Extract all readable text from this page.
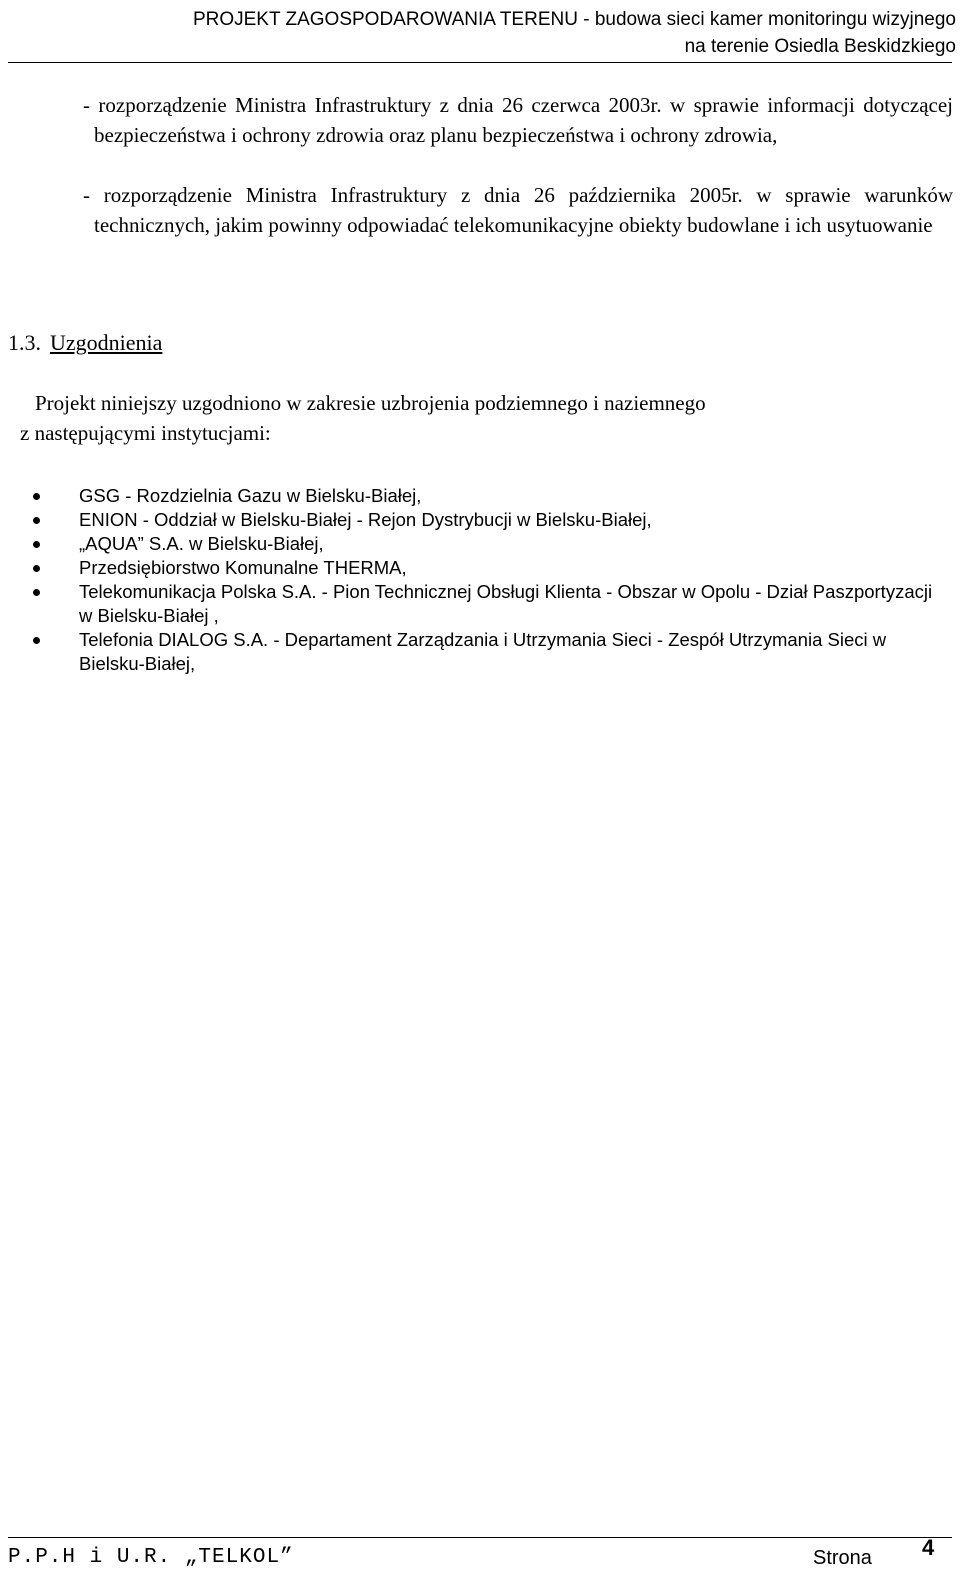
PROJEKT ZAGOSPODAROWANIA TERENU - budowa sieci kamer monitoringu wizyjnego
na terenie Osiedla Beskidzkiego
- rozporządzenie Ministra Infrastruktury z dnia 26 czerwca 2003r. w sprawie informacji dotyczącej bezpieczeństwa i ochrony zdrowia oraz planu bezpieczeństwa i ochrony zdrowia,
- rozporządzenie Ministra Infrastruktury z dnia 26 października 2005r. w sprawie warunków technicznych, jakim powinny odpowiadać telekomunikacyjne obiekty budowlane i ich usytuowanie
1.3. Uzgodnienia
Projekt niniejszy uzgodniono w zakresie uzbrojenia podziemnego i naziemnego
z następującymi instytucjami:
GSG - Rozdzielnia Gazu w Bielsku-Białej,
ENION - Oddział w Bielsku-Białej - Rejon Dystrybucji w Bielsku-Białej,
„AQUA” S.A. w Bielsku-Białej,
Przedsiębiorstwo Komunalne THERMA,
Telekomunikacja Polska S.A. - Pion Technicznej Obsługi Klienta - Obszar w Opolu - Dział Paszportyzacji w Bielsku-Białej ,
Telefonia DIALOG S.A. - Departament Zarządzania i Utrzymania Sieci - Zespół Utrzymania Sieci w Bielsku-Białej,
P.P.H i U.R. „TELKOL”	Strona 4
